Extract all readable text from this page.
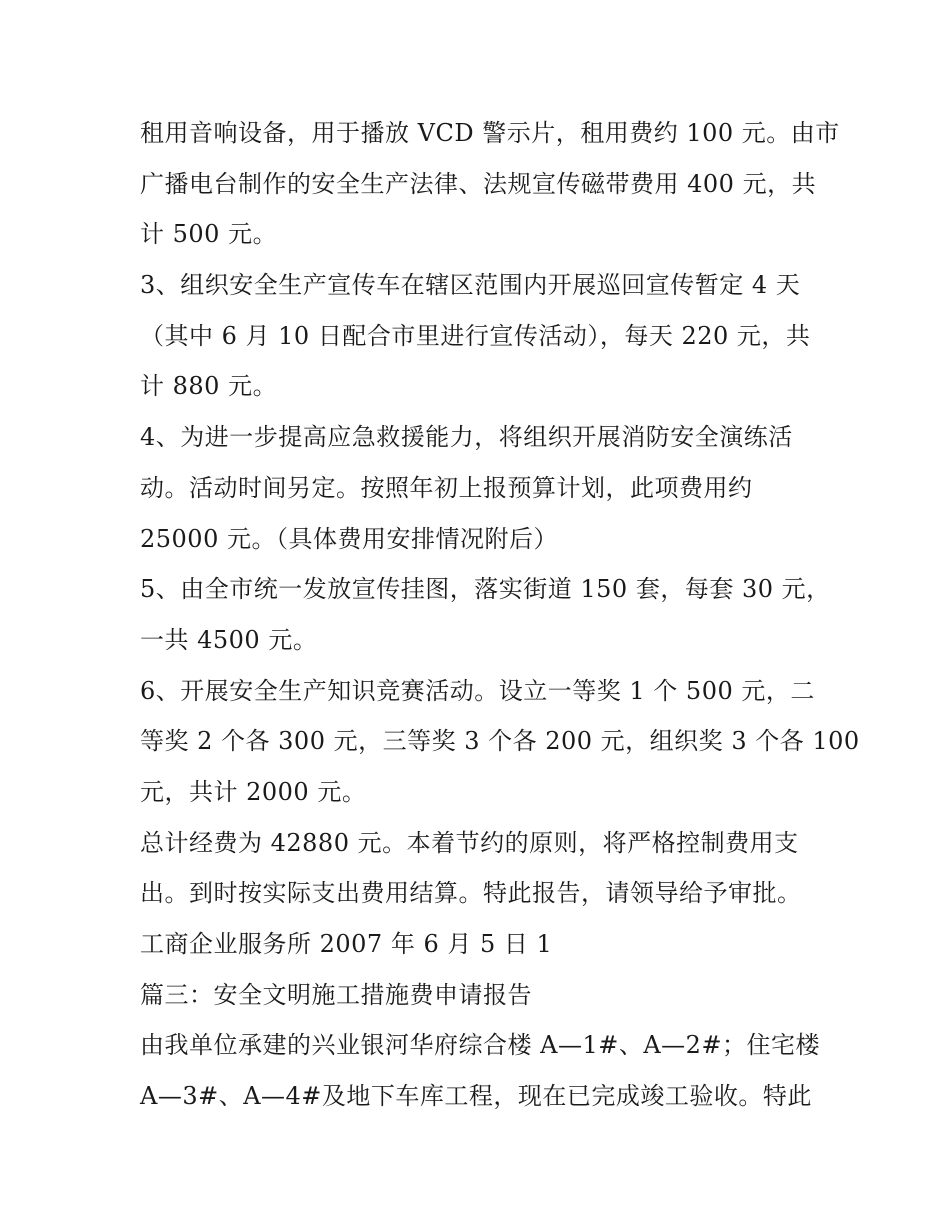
租用音响设备，用于播放 VCD 警示片，租用费约 100 元。由市
广播电台制作的安全生产法律、法规宣传磁带费用 400 元，共
计 500 元。
3、组织安全生产宣传车在辖区范围内开展巡回宣传暂定 4 天
（其中 6 月 10 日配合市里进行宣传活动），每天 220 元，共
计 880 元。
4、为进一步提高应急救援能力，将组织开展消防安全演练活
动。活动时间另定。按照年初上报预算计划，此项费用约
25000 元。（具体费用安排情况附后）
5、由全市统一发放宣传挂图，落实街道 150 套，每套 30 元，
一共 4500 元。
6、开展安全生产知识竞赛活动。设立一等奖 1 个 500 元，二
等奖 2 个各 300 元，三等奖 3 个各 200 元，组织奖 3 个各 100
元，共计 2000 元。
总计经费为 42880 元。本着节约的原则，将严格控制费用支
出。到时按实际支出费用结算。特此报告，请领导给予审批。
工商企业服务所 2007 年 6 月 5 日 1
篇三：安全文明施工措施费申请报告
由我单位承建的兴业银河华府综合楼 A—1#、A—2#；住宅楼
A—3#、A—4#及地下车库工程，现在已完成竣工验收。特此
